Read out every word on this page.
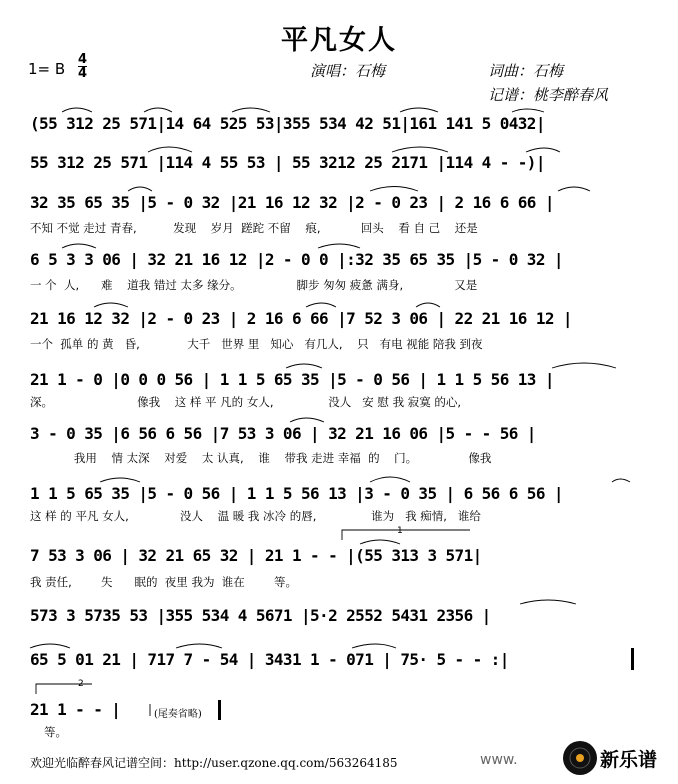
平凡女人
1= B
4
4	演唱：石梅	词曲：石梅
记谱：桃李醉春风
(55 312 25 571|14 64 525 53|355 534 42 51|161 141 5 0432|
55 312 25 571 |114 4 55 53 | 55 3212 25 2171 |114 4 - -)|
32 35 65 35 |5 - 0 32 |21 16 12 32 |2 - 0 23 | 2 16 6 66 |
不知 不觉 走过 青春,          发现    岁月  蹉跎 不留    痕,           回头    看 自 己    还是
6 5 3 3 06 | 32 21 16 12 |2 - 0 0 |:32 35 65 35 |5 - 0 32 |
一 个  人,      难    道我 错过 太多 缘分。               脚步 匆匆 疲惫 满身,              又是
21 16 12 32 |2 - 0 23 | 2 16 6 66 |7 52 3 06 | 22 21 16 12 |
一个  孤单 的 黄   昏,             大千   世界 里   知心   有几人,    只   有电 视能 陪我 到夜
21 1 - 0 |0 0 0 56 | 1 1 5 65 35 |5 - 0 56 | 1 1 5 56 13 |
深。                       像我    这 样 平 凡的 女人,               没人   安 慰 我 寂寞 的心,
3 - 0 35 |6 56 6 56 |7 53 3 06 | 32 21 16 06 |5 - - 56 |
我用    情 太深    对爱    太 认真,    谁    带我 走进 幸福  的    门。              像我
1 1 5 65 35 |5 - 0 56 | 1 1 5 56 13 |3 - 0 35 | 6 56 6 56 |
这 样 的 平凡 女人,              没人    温 暖 我 冰冷 的唇,               谁为   我 痴情,   谁给
1
7 53 3 06 | 32 21 65 32 | 21 1 - - |(55 313 3 571|
我 责任,        失      眠的  夜里 我为  谁在        等。
573 3 5735 53 |355 534 4 5671 |5·2 2552 5431 2356 |
65 5 01 21 | 717 7 - 54 | 3431 1 - 071 | 75· 5 - - :|
2
21 1 - - |	(尾奏省略)
等。
欢迎光临醉春风记谱空间：http://user.qzone.qq.com/563264185	www.	新乐谱
